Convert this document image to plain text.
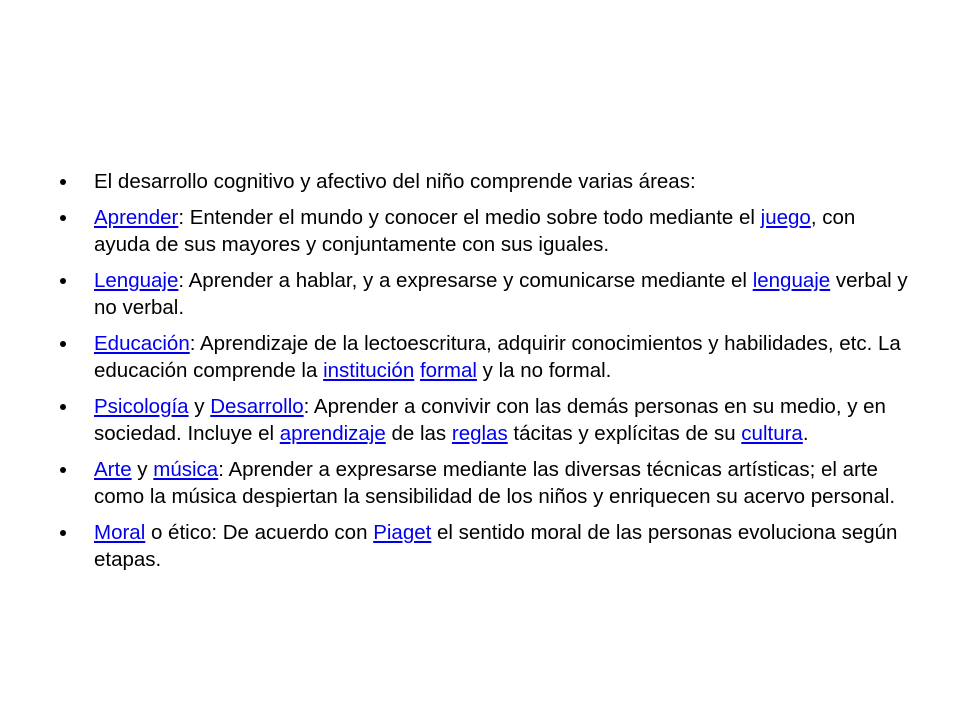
El desarrollo cognitivo y afectivo del niño comprende varias áreas:
Aprender: Entender el mundo y conocer el medio sobre todo mediante el juego, con ayuda de sus mayores y conjuntamente con sus iguales.
Lenguaje: Aprender a hablar, y a expresarse y comunicarse mediante el lenguaje verbal y no verbal.
Educación: Aprendizaje de la lectoescritura, adquirir conocimientos y habilidades, etc. La educación comprende la institución formal y la no formal.
Psicología y Desarrollo: Aprender a convivir con las demás personas en su medio, y en sociedad. Incluye el aprendizaje de las reglas tácitas y explícitas de su cultura.
Arte y música: Aprender a expresarse mediante las diversas técnicas artísticas; el arte como la música despiertan la sensibilidad de los niños y enriquecen su acervo personal.
Moral o ético: De acuerdo con Piaget el sentido moral de las personas evoluciona según etapas.
